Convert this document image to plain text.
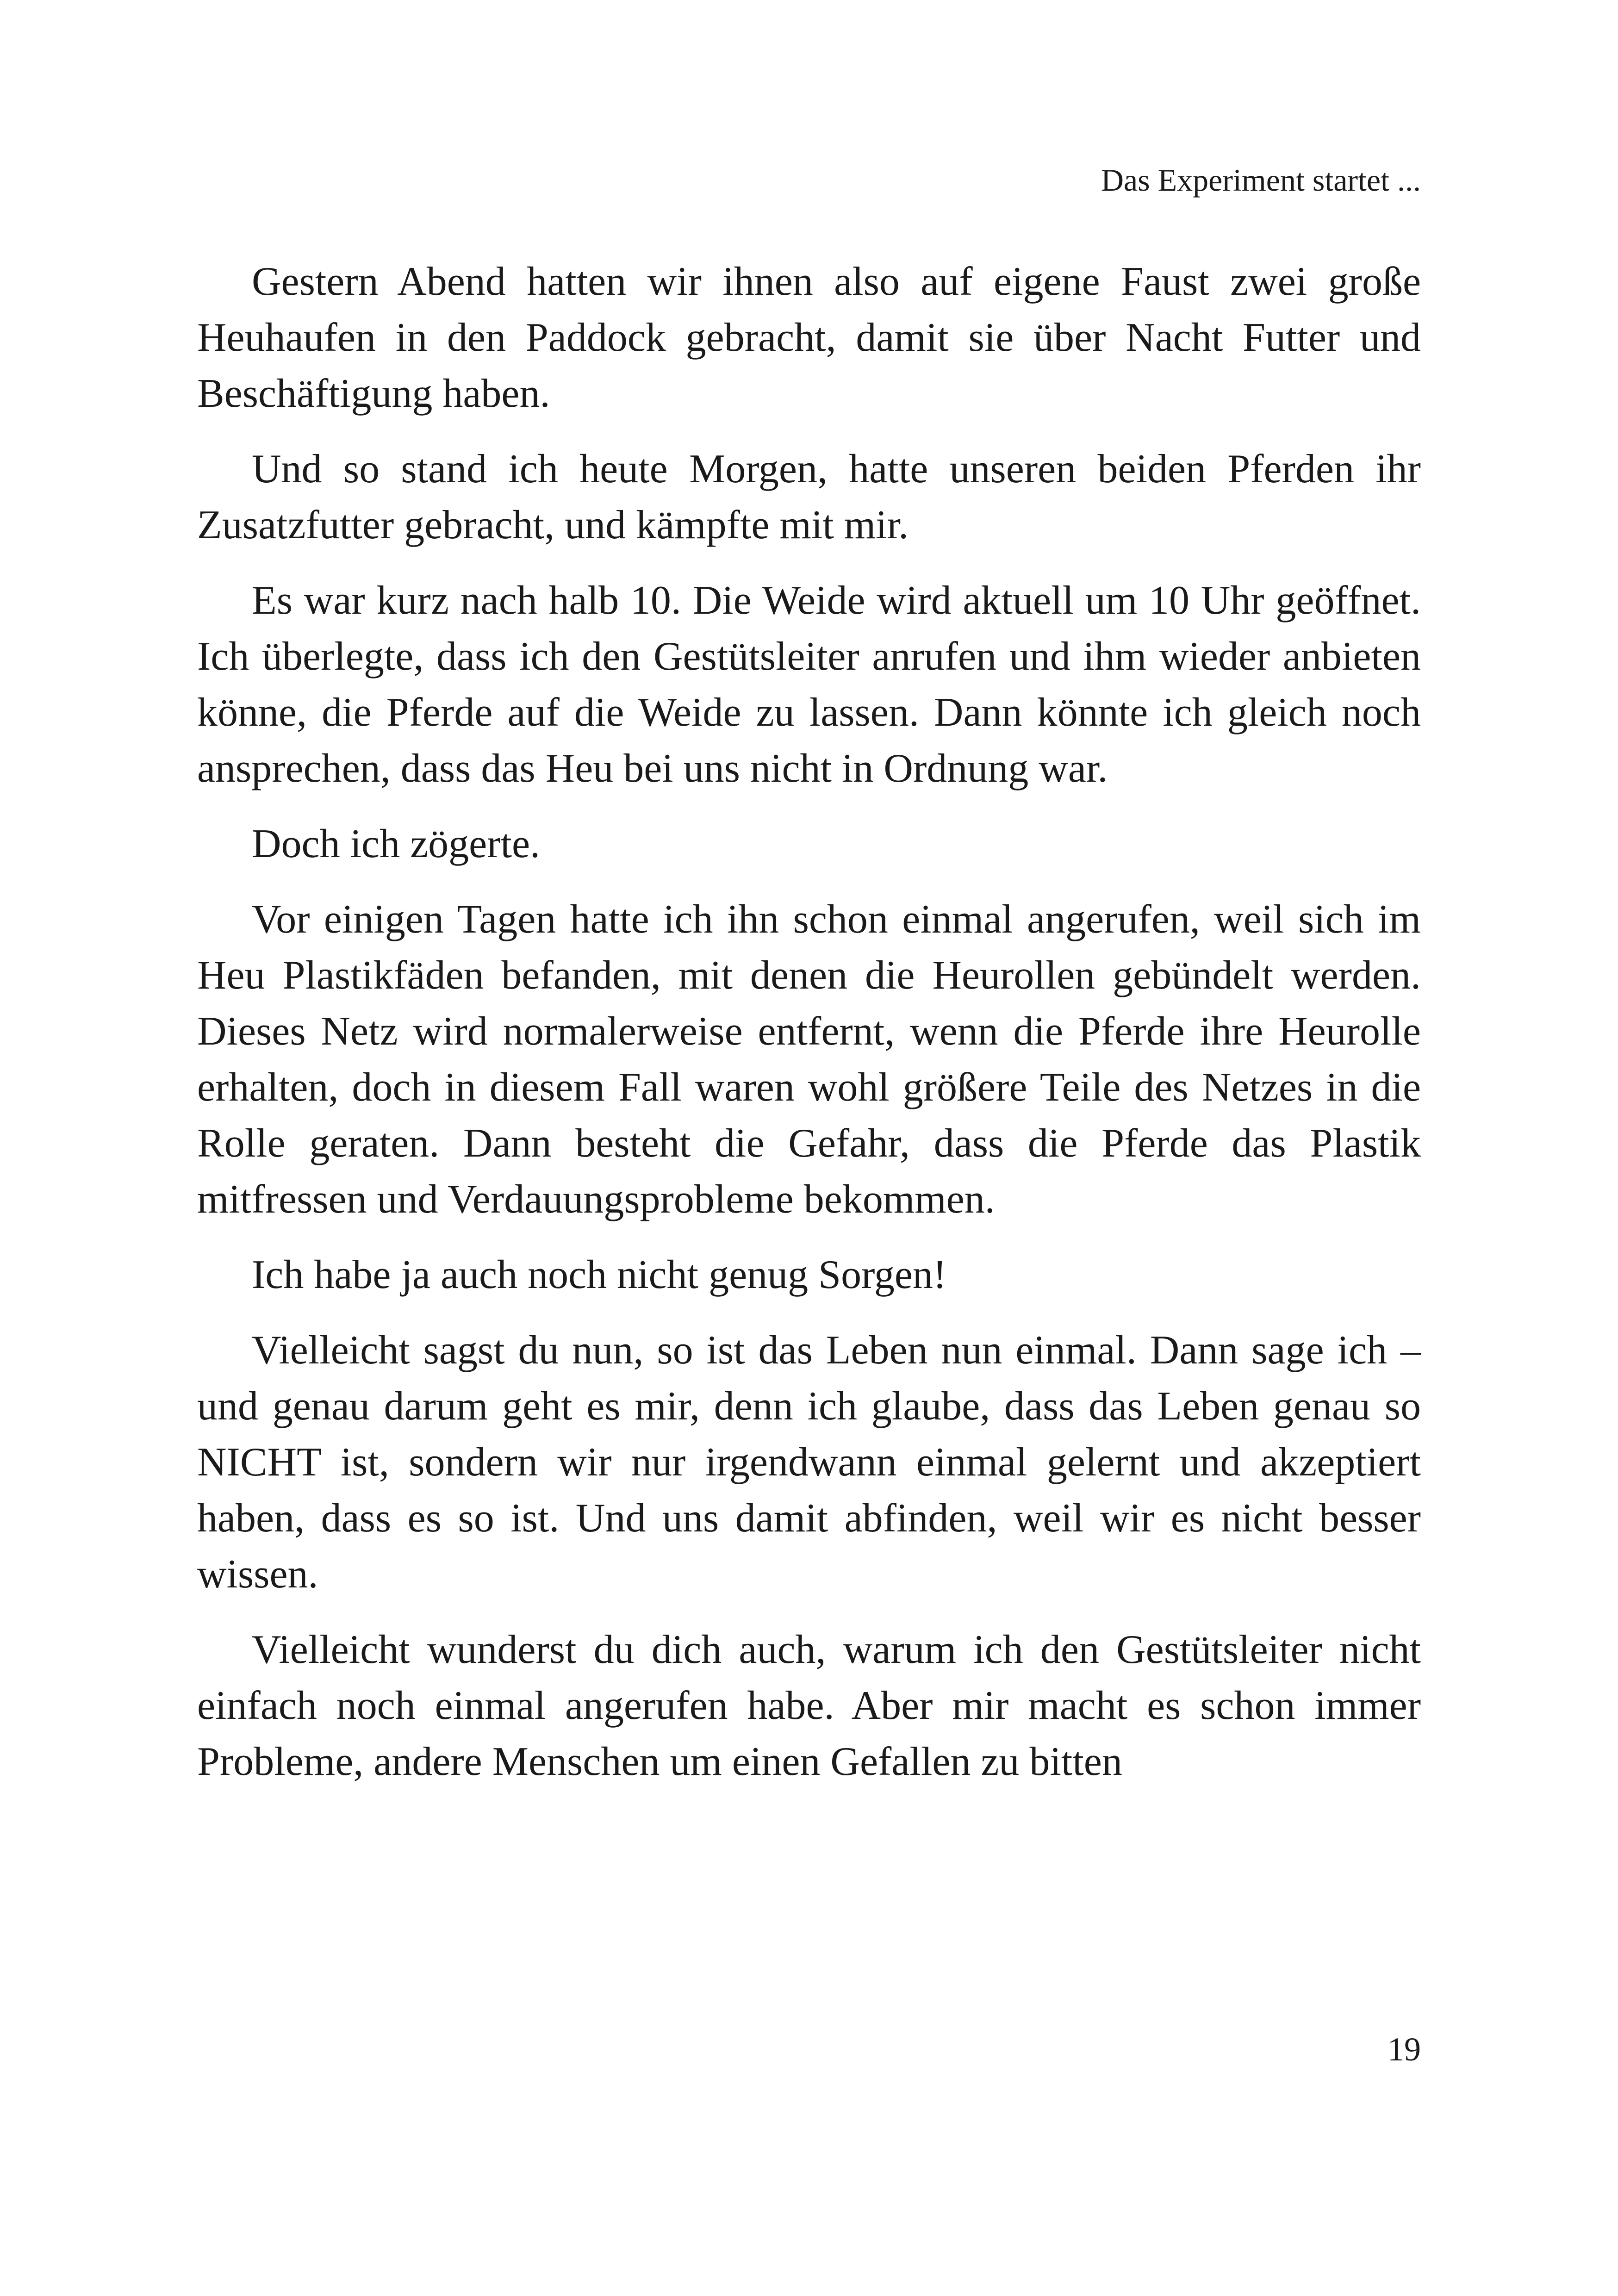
Das Experiment startet ...

Gestern Abend hatten wir ihnen also auf eigene Faust zwei große Heuhaufen in den Paddock gebracht, damit sie über Nacht Futter und Beschäftigung haben.

Und so stand ich heute Morgen, hatte unseren beiden Pferden ihr Zusatzfutter gebracht, und kämpfte mit mir.

Es war kurz nach halb 10. Die Weide wird aktuell um 10 Uhr geöffnet. Ich überlegte, dass ich den Gestütsleiter anrufen und ihm wieder anbieten könne, die Pferde auf die Weide zu lassen. Dann könnte ich gleich noch ansprechen, dass das Heu bei uns nicht in Ordnung war.

Doch ich zögerte.

Vor einigen Tagen hatte ich ihn schon einmal angerufen, weil sich im Heu Plastikfäden befanden, mit denen die Heurollen gebündelt werden. Dieses Netz wird normalerweise entfernt, wenn die Pferde ihre Heurolle erhalten, doch in diesem Fall waren wohl größere Teile des Netzes in die Rolle geraten. Dann besteht die Gefahr, dass die Pferde das Plastik mitfressen und Verdauungsprobleme bekommen.

Ich habe ja auch noch nicht genug Sorgen!

Vielleicht sagst du nun, so ist das Leben nun einmal. Dann sage ich – und genau darum geht es mir, denn ich glaube, dass das Leben genau so NICHT ist, sondern wir nur irgendwann einmal gelernt und akzeptiert haben, dass es so ist. Und uns damit abfinden, weil wir es nicht besser wissen.

Vielleicht wunderst du dich auch, warum ich den Gestütsleiter nicht einfach noch einmal angerufen habe. Aber mir macht es schon immer Probleme, andere Menschen um einen Gefallen zu bitten

19
